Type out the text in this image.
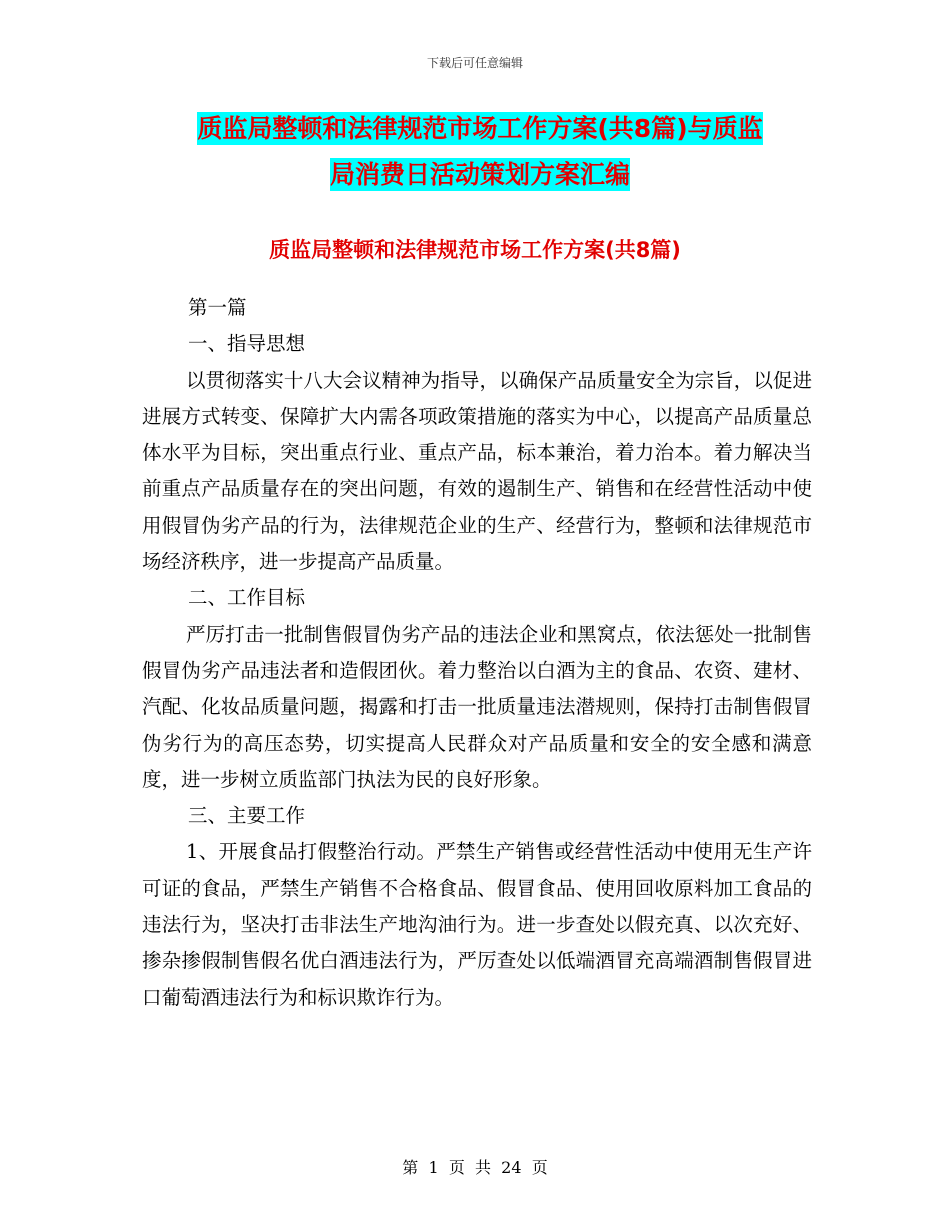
下载后可任意编辑
质监局整顿和法律规范市场工作方案(共8篇)与质监
局消费日活动策划方案汇编
质监局整顿和法律规范市场工作方案(共8篇)

第一篇

一、指导思想

以贯彻落实十八大会议精神为指导，以确保产品质量安全为宗旨，以促进进展方式转变、保障扩大内需各项政策措施的落实为中心，以提高产品质量总体水平为目标，突出重点行业、重点产品，标本兼治，着力治本。着力解决当前重点产品质量存在的突出问题，有效的遏制生产、销售和在经营性活动中使用假冒伪劣产品的行为，法律规范企业的生产、经营行为，整顿和法律规范市场经济秩序，进一步提高产品质量。

二、工作目标

严厉打击一批制售假冒伪劣产品的违法企业和黑窝点，依法惩处一批制售假冒伪劣产品违法者和造假团伙。着力整治以白酒为主的食品、农资、建材、汽配、化妆品质量问题，揭露和打击一批质量违法潜规则，保持打击制售假冒伪劣行为的高压态势，切实提高人民群众对产品质量和安全的安全感和满意度，进一步树立质监部门执法为民的良好形象。

三、主要工作

1、开展食品打假整治行动。严禁生产销售或经营性活动中使用无生产许可证的食品，严禁生产销售不合格食品、假冒食品、使用回收原料加工食品的违法行为，坚决打击非法生产地沟油行为。进一步查处以假充真、以次充好、掺杂掺假制售假名优白酒违法行为，严厉查处以低端酒冒充高端酒制售假冒进口葡萄酒违法行为和标识欺诈行为。

第  1  页  共  24  页
